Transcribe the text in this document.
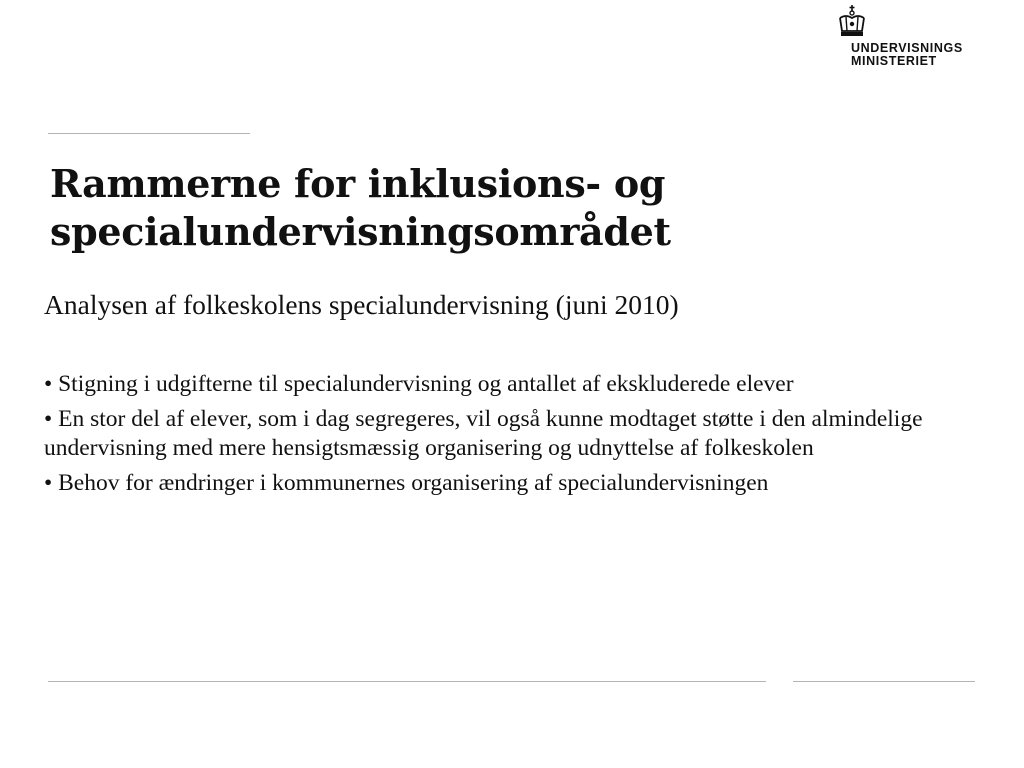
UNDERVISNINGS
MINISTERIET
Rammerne for inklusions- og specialundervisningsområdet

Analysen af folkeskolens specialundervisning (juni 2010)

• Stigning i udgifterne til specialundervisning og antallet af ekskluderede elever
• En stor del af elever, som i dag segregeres, vil også kunne modtaget støtte i den almindelige undervisning med mere hensigtsmæssig organisering og udnyttelse af folkeskolen
• Behov for ændringer i kommunernes organisering af specialundervisningen
